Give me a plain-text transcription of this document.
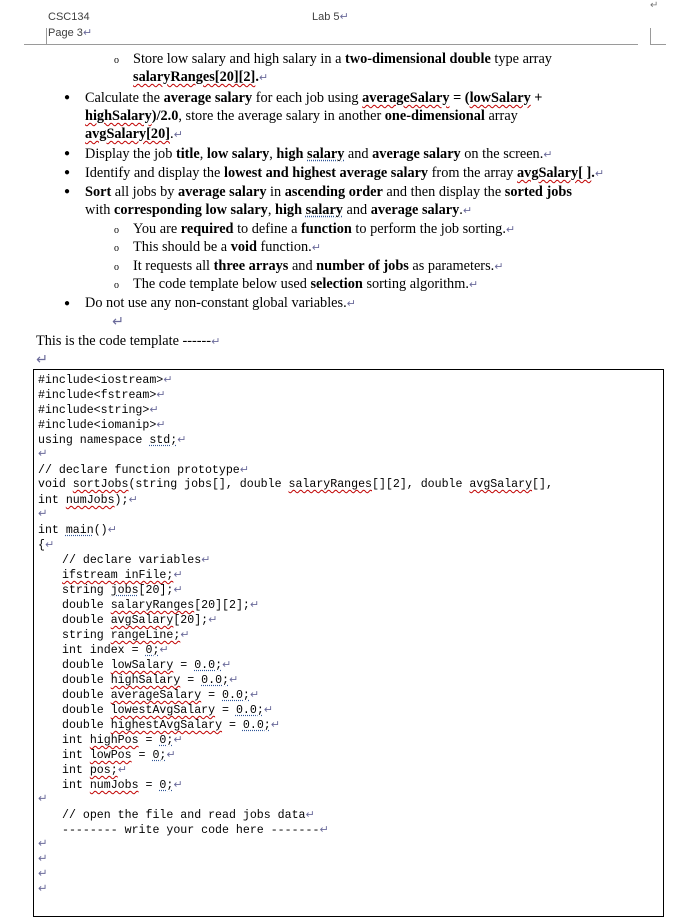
↵
CSC134
Page 3↵
Lab 5↵
o Store low salary and high salary in a two-dimensional double type array
salaryRanges[20][2].↵
● Calculate the average salary for each job using averageSalary = (lowSalary +
highSalary)/2.0, store the average salary in another one-dimensional array
avgSalary[20].↵
● Display the job title, low salary, high salary and average salary on the screen.↵
● Identify and display the lowest and highest average salary from the array avgSalary[ ].↵
● Sort all jobs by average salary in ascending order and then display the sorted jobs
with corresponding low salary, high salary and average salary.↵
o You are required to define a function to perform the job sorting.↵
o This should be a void function.↵
o It requests all three arrays and number of jobs as parameters.↵
o The code template below used selection sorting algorithm.↵
● Do not use any non-constant global variables.↵
↵
This is the code template ------↵
↵
#include<iostream>↵
#include<fstream>↵
#include<string>↵
#include<iomanip>↵
using namespace std;↵
↵
// declare function prototype↵
void sortJobs(string jobs[], double salaryRanges[][2], double avgSalary[],
int numJobs);↵
↵
int main()↵
{↵
// declare variables↵
ifstream inFile;↵
string jobs[20];↵
double salaryRanges[20][2];↵
double avgSalary[20];↵
string rangeLine;↵
int index = 0;↵
double lowSalary = 0.0;↵
double highSalary = 0.0;↵
double averageSalary = 0.0;↵
double lowestAvgSalary = 0.0;↵
double highestAvgSalary = 0.0;↵
int highPos = 0;↵
int lowPos = 0;↵
int pos;↵
int numJobs = 0;↵
↵
// open the file and read jobs data↵
-------- write your code here -------↵
↵
↵
↵
↵
